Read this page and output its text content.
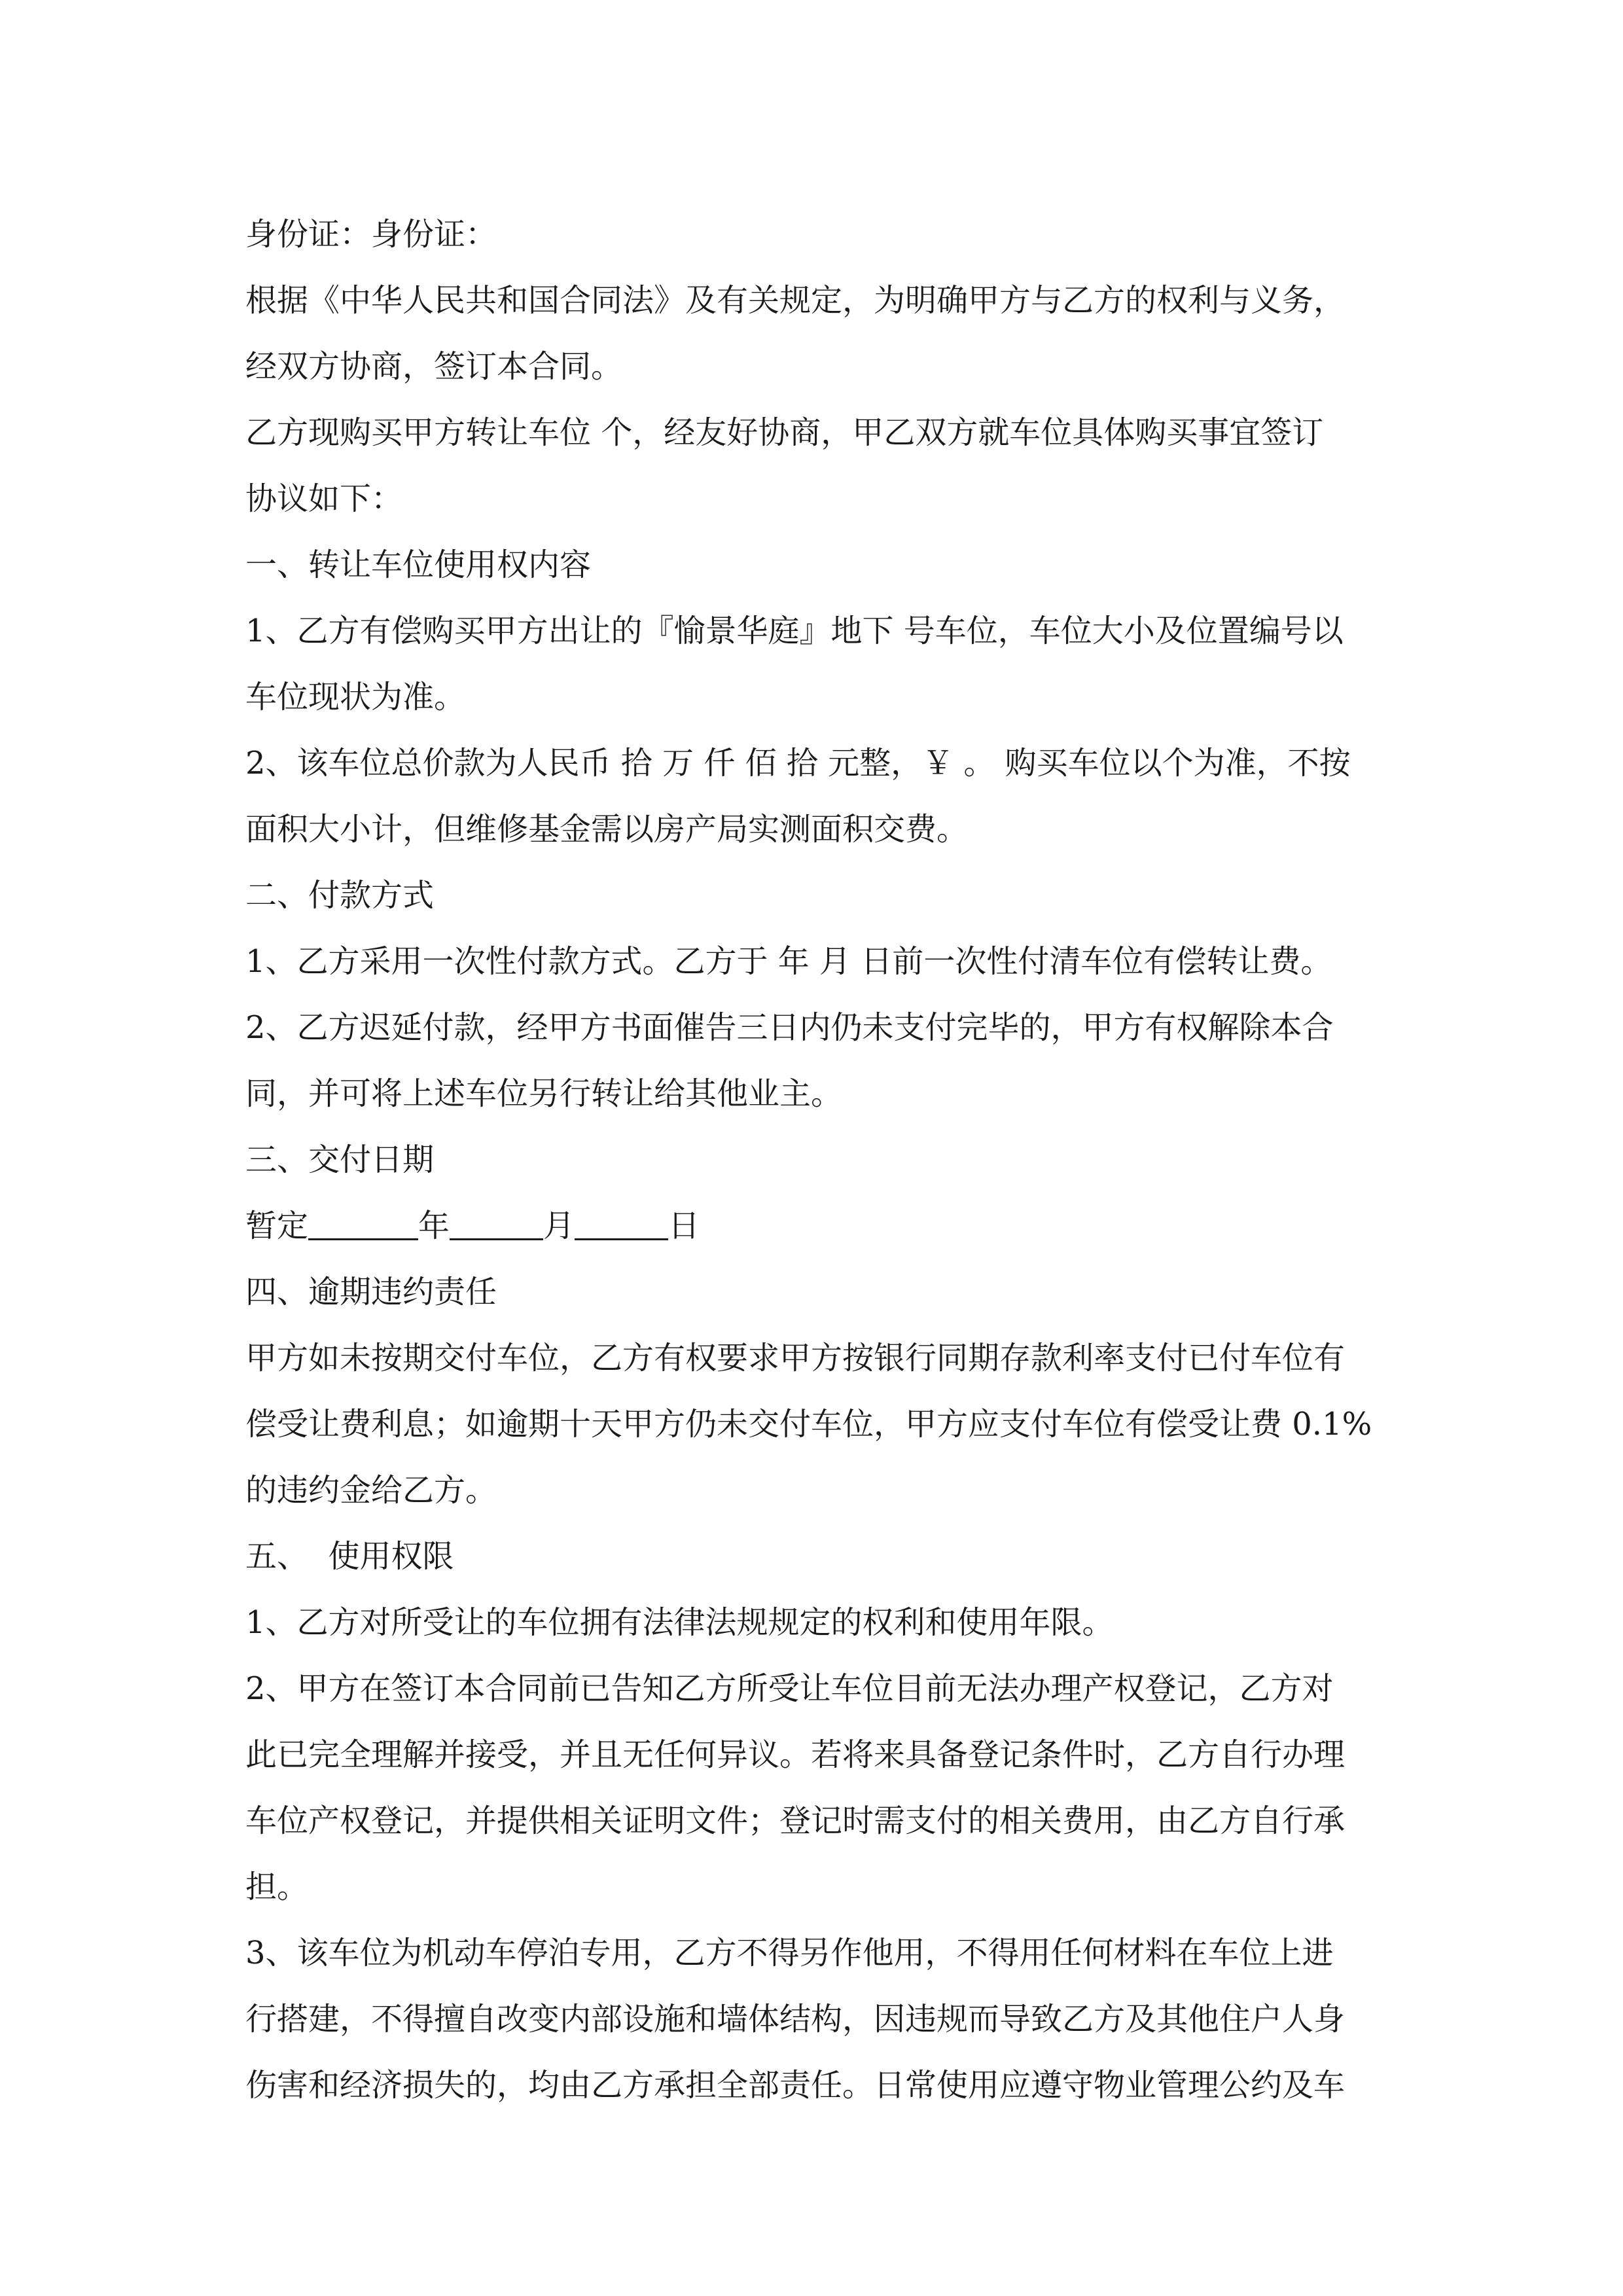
身份证：身份证：
根据《中华人民共和国合同法》及有关规定，为明确甲方与乙方的权利与义务，
经双方协商，签订本合同。
乙方现购买甲方转让车位 个，经友好协商，甲乙双方就车位具体购买事宜签订
协议如下：
一、转让车位使用权内容
1、乙方有偿购买甲方出让的『愉景华庭』地下 号车位，车位大小及位置编号以
车位现状为准。
2、该车位总价款为人民币 拾 万 仟 佰 拾 元整，￥ 。 购买车位以个为准，不按
面积大小计，但维修基金需以房产局实测面积交费。
二、付款方式
1、乙方采用一次性付款方式。乙方于 年 月 日前一次性付清车位有偿转让费。
2、乙方迟延付款，经甲方书面催告三日内仍未支付完毕的，甲方有权解除本合
同，并可将上述车位另行转让给其他业主。
三、交付日期
暂定	年	月	日
四、逾期违约责任
甲方如未按期交付车位，乙方有权要求甲方按银行同期存款利率支付已付车位有
偿受让费利息；如逾期十天甲方仍未交付车位，甲方应支付车位有偿受让费 0.1%
的违约金给乙方。
五、  使用权限
1、乙方对所受让的车位拥有法律法规规定的权利和使用年限。
2、甲方在签订本合同前已告知乙方所受让车位目前无法办理产权登记，乙方对
此已完全理解并接受，并且无任何异议。若将来具备登记条件时，乙方自行办理
车位产权登记，并提供相关证明文件；登记时需支付的相关费用，由乙方自行承
担。
3、该车位为机动车停泊专用，乙方不得另作他用，不得用任何材料在车位上进
行搭建，不得擅自改变内部设施和墙体结构，因违规而导致乙方及其他住户人身
伤害和经济损失的，均由乙方承担全部责任。日常使用应遵守物业管理公约及车
